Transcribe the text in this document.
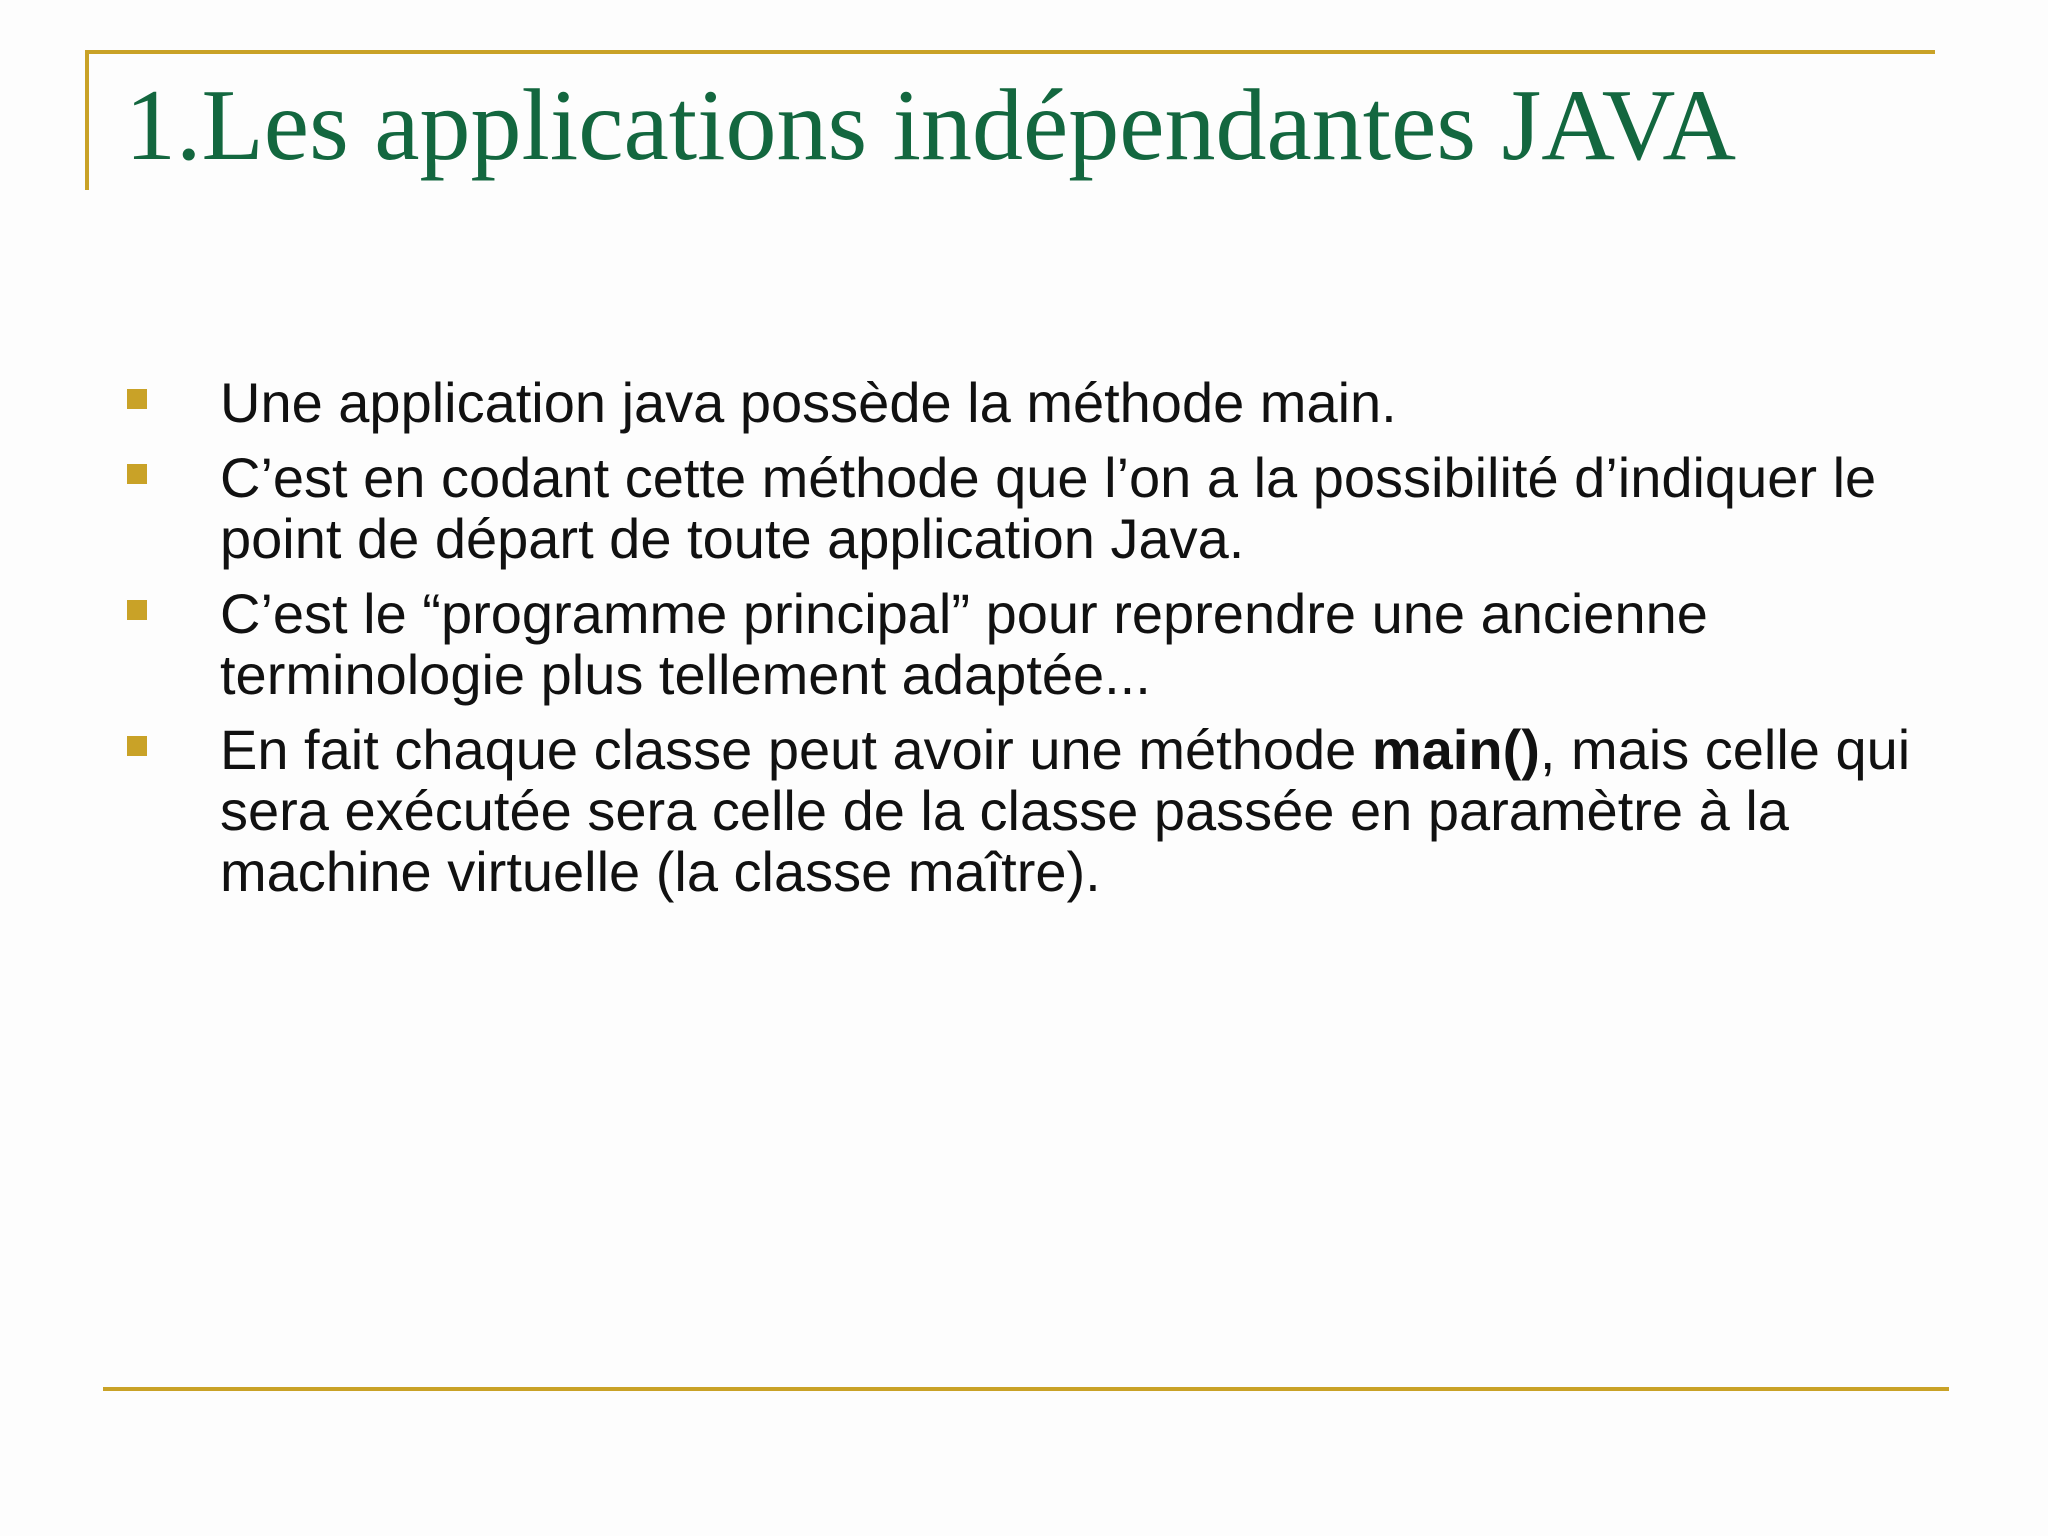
1.Les applications indépendantes JAVA
Une application java possède la méthode main.
C’est en codant cette méthode que l’on a la possibilité d’indiquer le point de départ de toute application Java.
C’est le “programme principal” pour reprendre une ancienne terminologie plus tellement adaptée...
En fait chaque classe peut avoir une méthode main(), mais celle qui sera exécutée sera celle de la classe passée en paramètre à la machine virtuelle (la classe maître).
